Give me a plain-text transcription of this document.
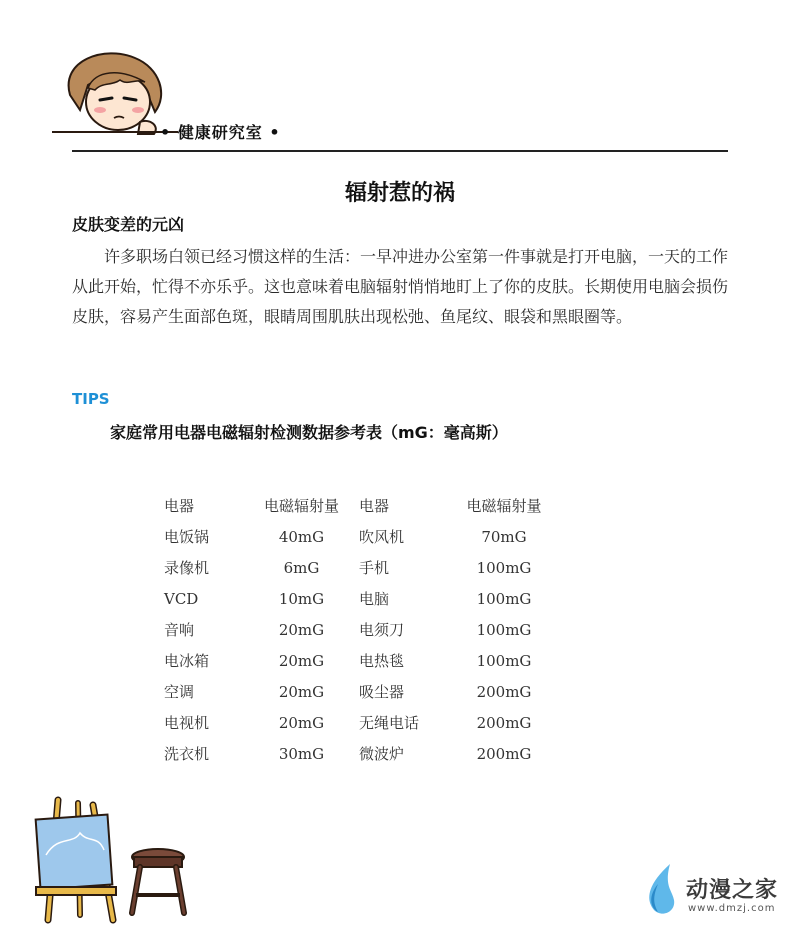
• 健康研究室 •
辐射惹的祸
皮肤变差的元凶
许多职场白领已经习惯这样的生活：一早冲进办公室第一件事就是打开电脑，一天的工作从此开始，忙得不亦乐乎。这也意味着电脑辐射悄悄地盯上了你的皮肤。长期使用电脑会损伤皮肤，容易产生面部色斑，眼睛周围肌肤出现松弛、鱼尾纹、眼袋和黑眼圈等。
TIPS
家庭常用电器电磁辐射检测数据参考表（mG：毫高斯）
电器	电磁辐射量	电器	电磁辐射量
电饭锅	40mG	吹风机	70mG
录像机	6mG	手机	100mG
VCD	10mG	电脑	100mG
音响	20mG	电须刀	100mG
电冰箱	20mG	电热毯	100mG
空调	20mG	吸尘器	200mG
电视机	20mG	无绳电话	200mG
洗衣机	30mG	微波炉	200mG
动漫之家
www.dmzj.com
